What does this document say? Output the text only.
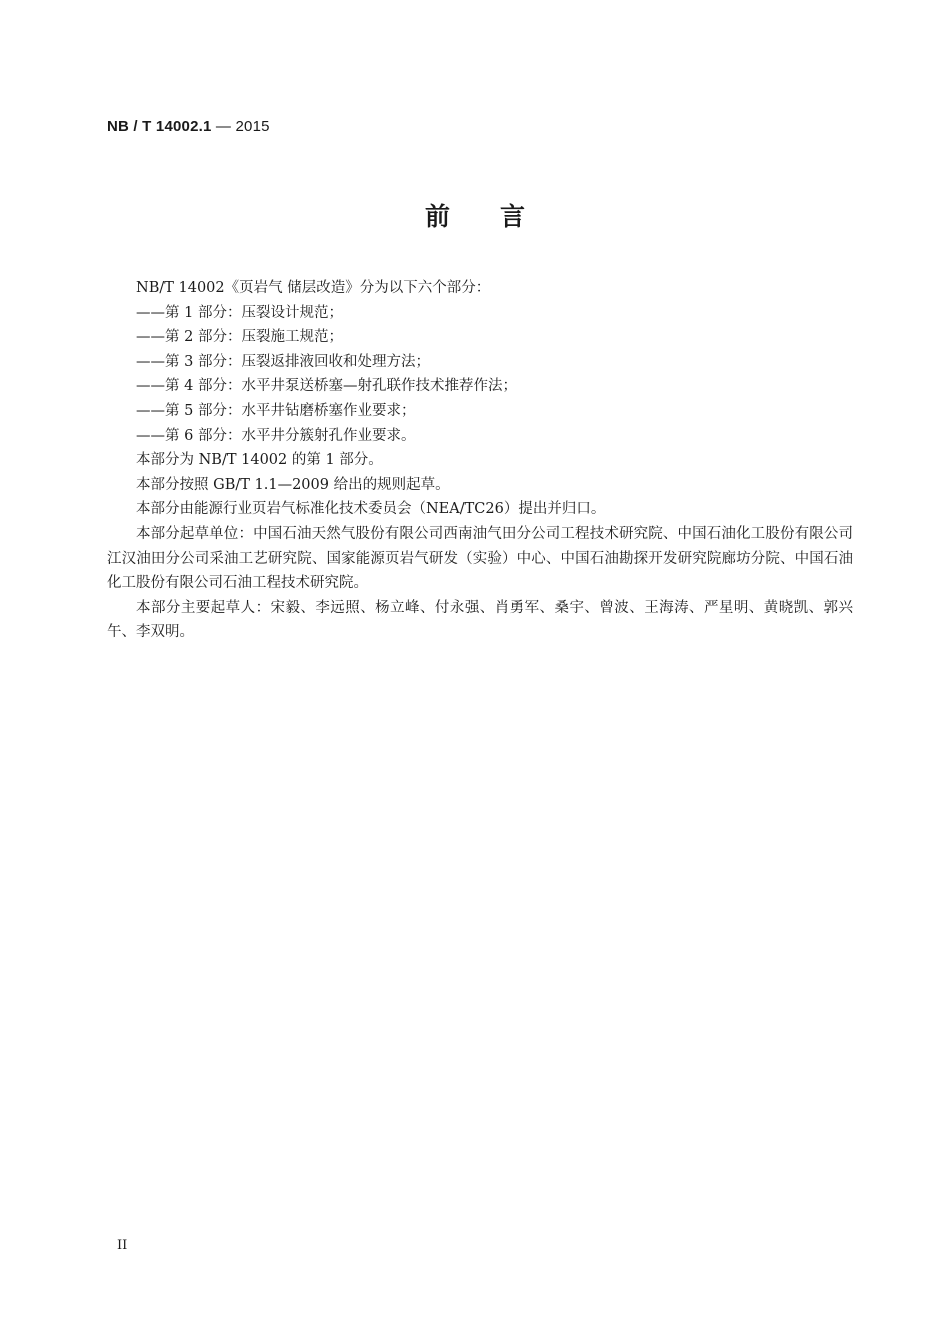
NB / T 14002.1 — 2015
前言

NB/T 14002《页岩气 储层改造》分为以下六个部分：

——第 1 部分：压裂设计规范；

——第 2 部分：压裂施工规范；

——第 3 部分：压裂返排液回收和处理方法；

——第 4 部分：水平井泵送桥塞—射孔联作技术推荐作法；

——第 5 部分：水平井钻磨桥塞作业要求；

——第 6 部分：水平井分簇射孔作业要求。

本部分为 NB/T 14002 的第 1 部分。

本部分按照 GB/T 1.1—2009 给出的规则起草。

本部分由能源行业页岩气标准化技术委员会（NEA/TC26）提出并归口。

本部分起草单位：中国石油天然气股份有限公司西南油气田分公司工程技术研究院、中国石油化工股份有限公司江汉油田分公司采油工艺研究院、国家能源页岩气研发（实验）中心、中国石油勘探开发研究院廊坊分院、中国石油化工股份有限公司石油工程技术研究院。

本部分主要起草人：宋毅、李远照、杨立峰、付永强、肖勇军、桑宇、曾波、王海涛、严星明、黄晓凯、郭兴午、李双明。

II
